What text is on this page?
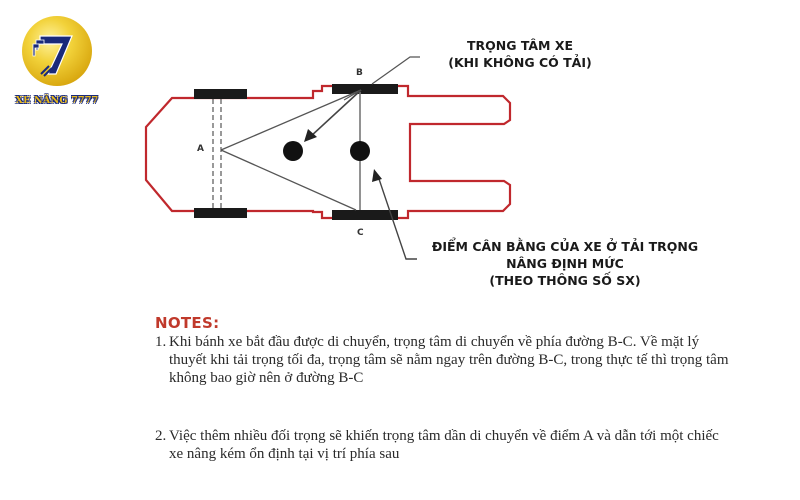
XE NÂNG 7777
B
A
C
TRỌNG TÂM XE
(KHI KHÔNG CÓ TẢI)
ĐIỂM CÂN BẰNG CỦA XE Ở TẢI TRỌNG
NÂNG ĐỊNH MỨC
(THEO THÔNG SỐ SX)
NOTES:
1. Khi bánh xe bắt đầu được di chuyển, trọng tâm di chuyển về phía đường B-C. Về mặt lý thuyết khi tải trọng tối đa, trọng tâm sẽ nằm ngay trên đường B-C, trong thực tế thì trọng tâm không bao giờ nên ở đường B-C
2. Việc thêm nhiều đối trọng sẽ khiến trọng tâm dần di chuyển về điểm A và dẫn tới một chiếc xe nâng kém ổn định tại vị trí phía sau
